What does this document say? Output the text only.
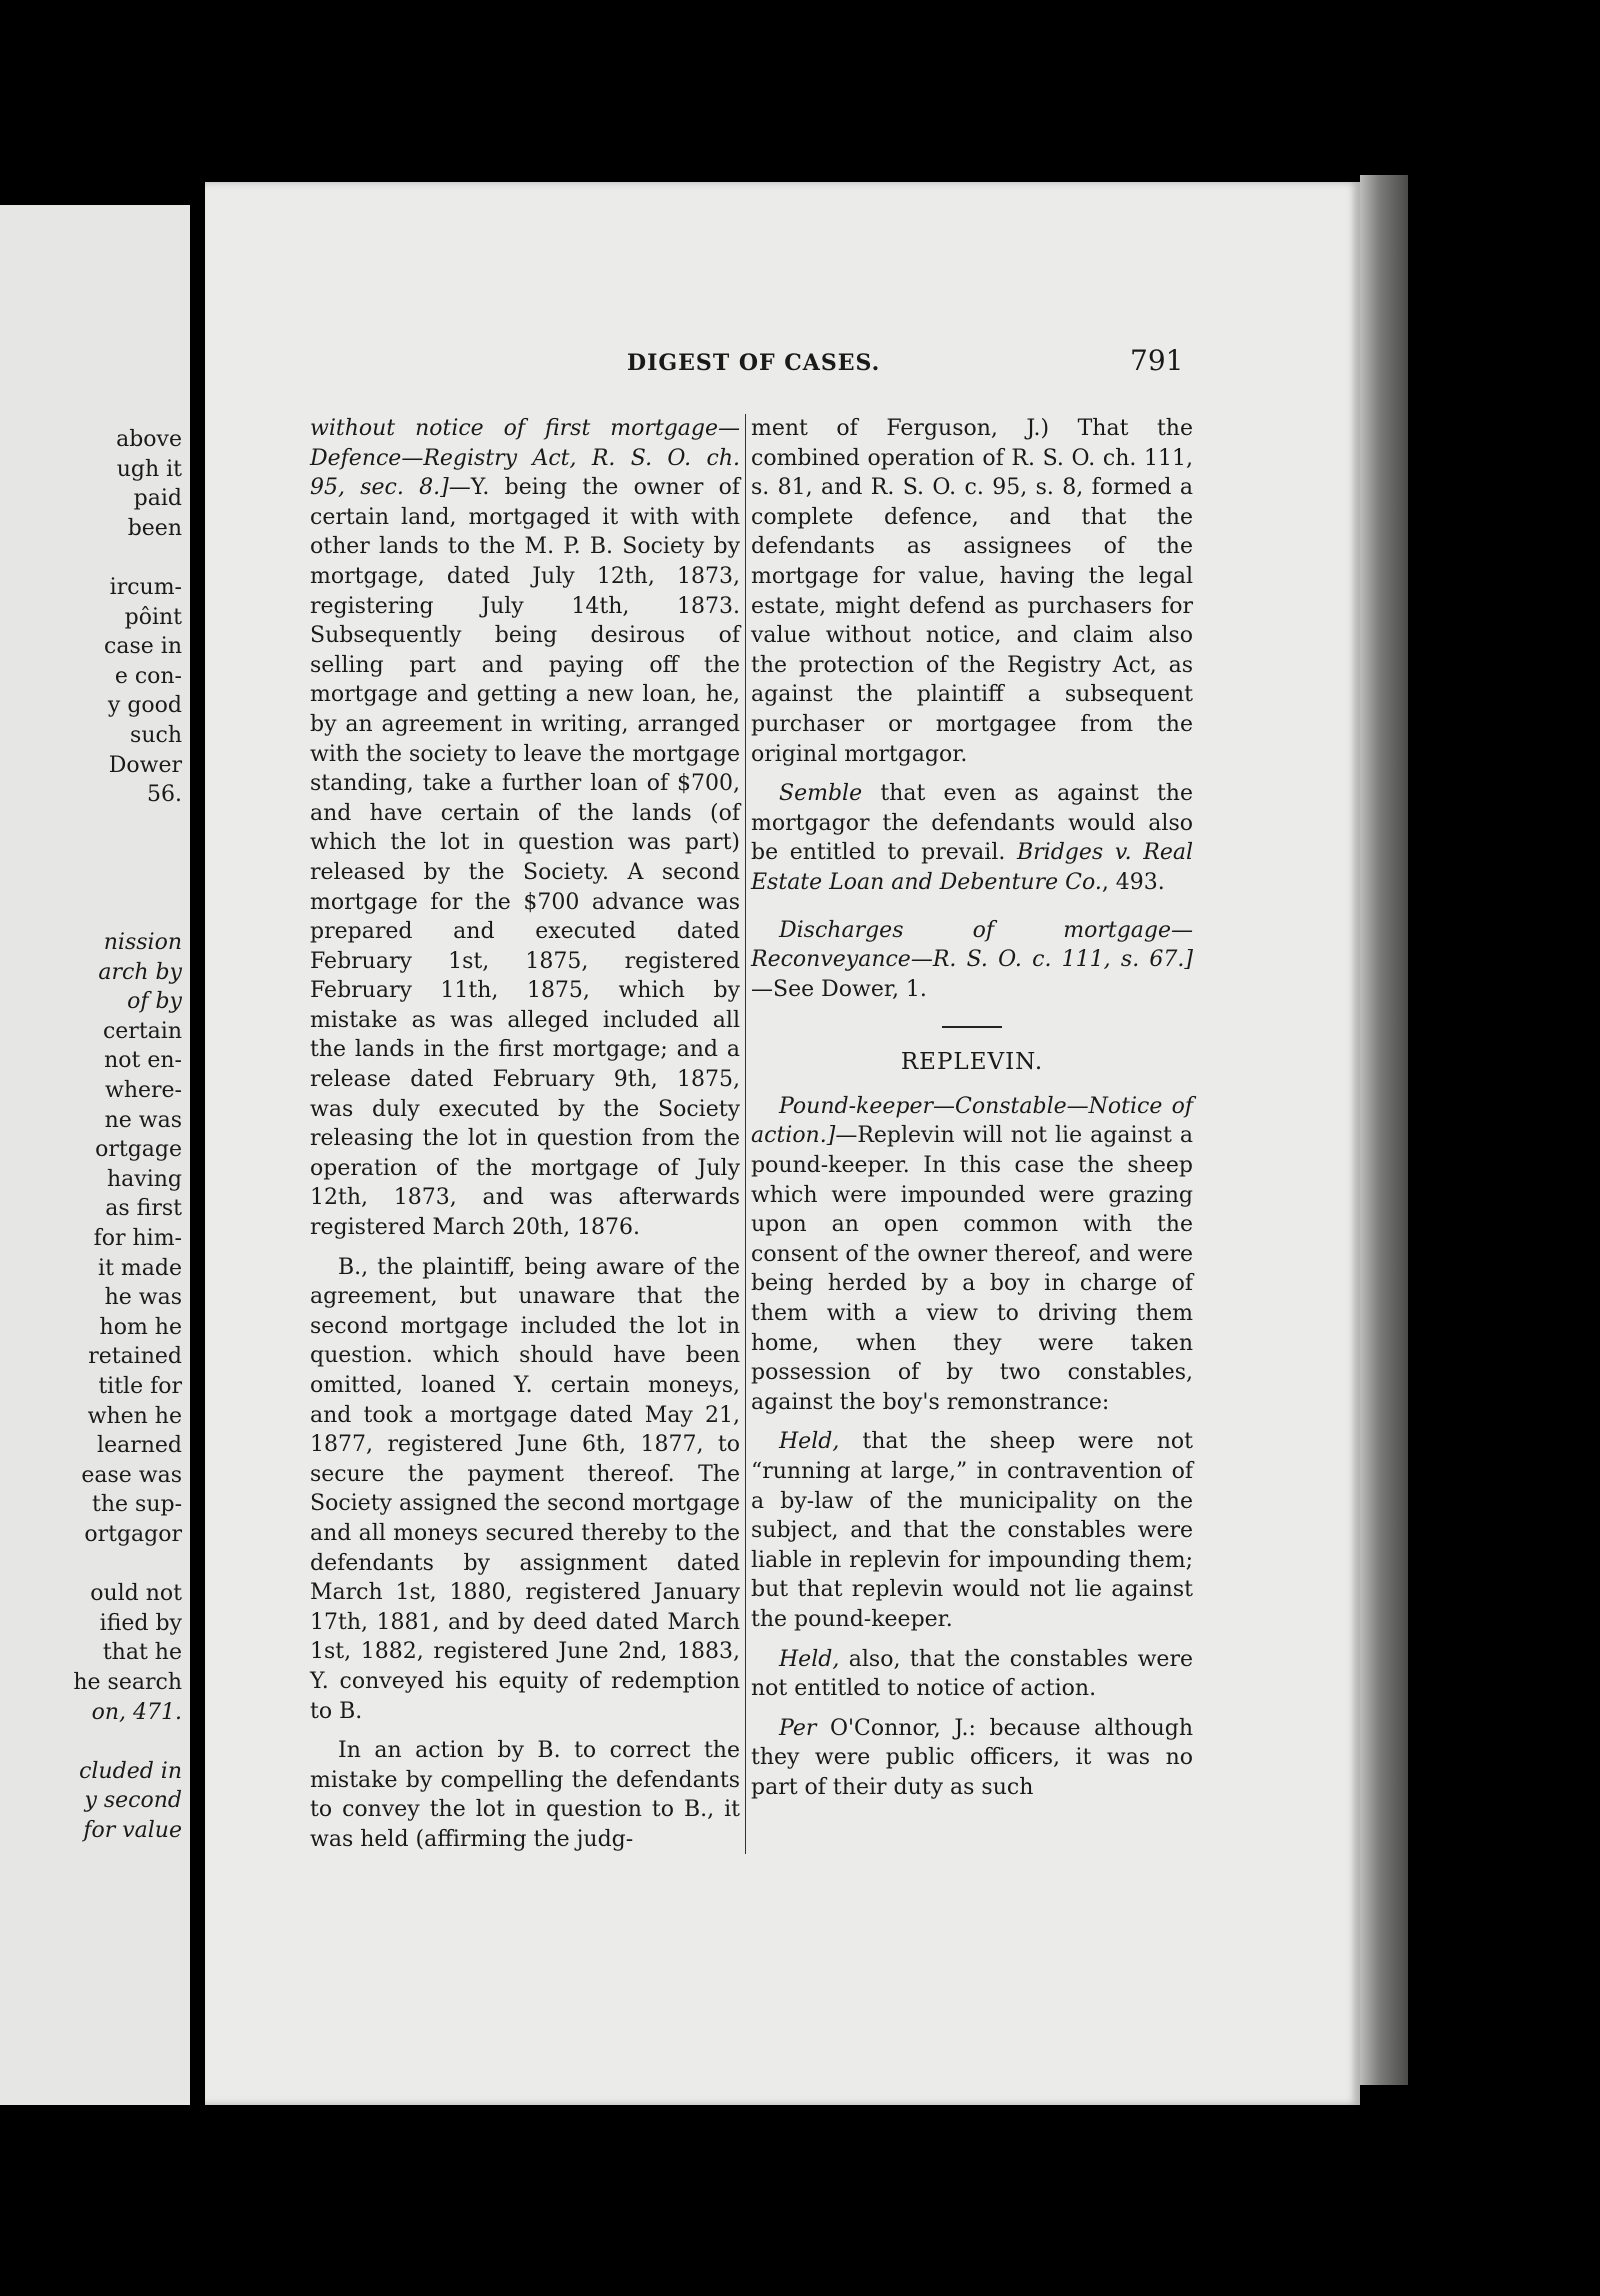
above

ugh it

paid

been

ircum-

pôint

case in

e con-

y good

such

Dower

56.

nission

arch by

of by

certain

not en-

where-

ne was

ortgage

having

as first

for him-

it made

he was

hom he

retained

title for

when he

learned

ease was

the sup-

ortgagor

ould not

ified by

that he

he search

on, 471.

cluded in

y second

for value

DIGEST OF CASES.	791

without notice of first mortgage—Defence—Registry Act, R. S. O. ch. 95, sec. 8.]—Y. being the owner of certain land, mortgaged it with with other lands to the M. P. B. Society by mortgage, dated July 12th, 1873, registering July 14th, 1873. Subsequently being desirous of selling part and paying off the mortgage and getting a new loan, he, by an agreement in writing, arranged with the society to leave the mortgage standing, take a further loan of $700, and have certain of the lands (of which the lot in question was part) released by the Society. A second mortgage for the $700 advance was prepared and executed dated February 1st, 1875, registered February 11th, 1875, which by mistake as was alleged included all the lands in the first mortgage; and a release dated February 9th, 1875, was duly executed by the Society releasing the lot in question from the operation of the mortgage of July 12th, 1873, and was afterwards registered March 20th, 1876.

B., the plaintiff, being aware of the agreement, but unaware that the second mortgage included the lot in question. which should have been omitted, loaned Y. certain moneys, and took a mortgage dated May 21, 1877, registered June 6th, 1877, to secure the payment thereof. The Society assigned the second mortgage and all moneys secured thereby to the defendants by assignment dated March 1st, 1880, registered January 17th, 1881, and by deed dated March 1st, 1882, registered June 2nd, 1883, Y. conveyed his equity of redemption to B.

In an action by B. to correct the mistake by compelling the defendants to convey the lot in question to B., it was held (affirming the judg-

ment of Ferguson, J.) That the combined operation of R. S. O. ch. 111, s. 81, and R. S. O. c. 95, s. 8, formed a complete defence, and that the defendants as assignees of the mortgage for value, having the legal estate, might defend as purchasers for value without notice, and claim also the protection of the Registry Act, as against the plaintiff a subsequent purchaser or mortgagee from the original mortgagor.

Semble that even as against the mortgagor the defendants would also be entitled to prevail. Bridges v. Real Estate Loan and Debenture Co., 493.

Discharges of mortgage—Reconveyance—R. S. O. c. 111, s. 67.]—See Dower, 1.

REPLEVIN.

Pound-keeper—Constable—Notice of action.]—Replevin will not lie against a pound-keeper. In this case the sheep which were impounded were grazing upon an open common with the consent of the owner thereof, and were being herded by a boy in charge of them with a view to driving them home, when they were taken possession of by two constables, against the boy's remonstrance:

Held, that the sheep were not “running at large,” in contravention of a by-law of the municipality on the subject, and that the constables were liable in replevin for impounding them; but that replevin would not lie against the pound-keeper.

Held, also, that the constables were not entitled to notice of action.

Per O'Connor, J.: because although they were public officers, it was no part of their duty as such
